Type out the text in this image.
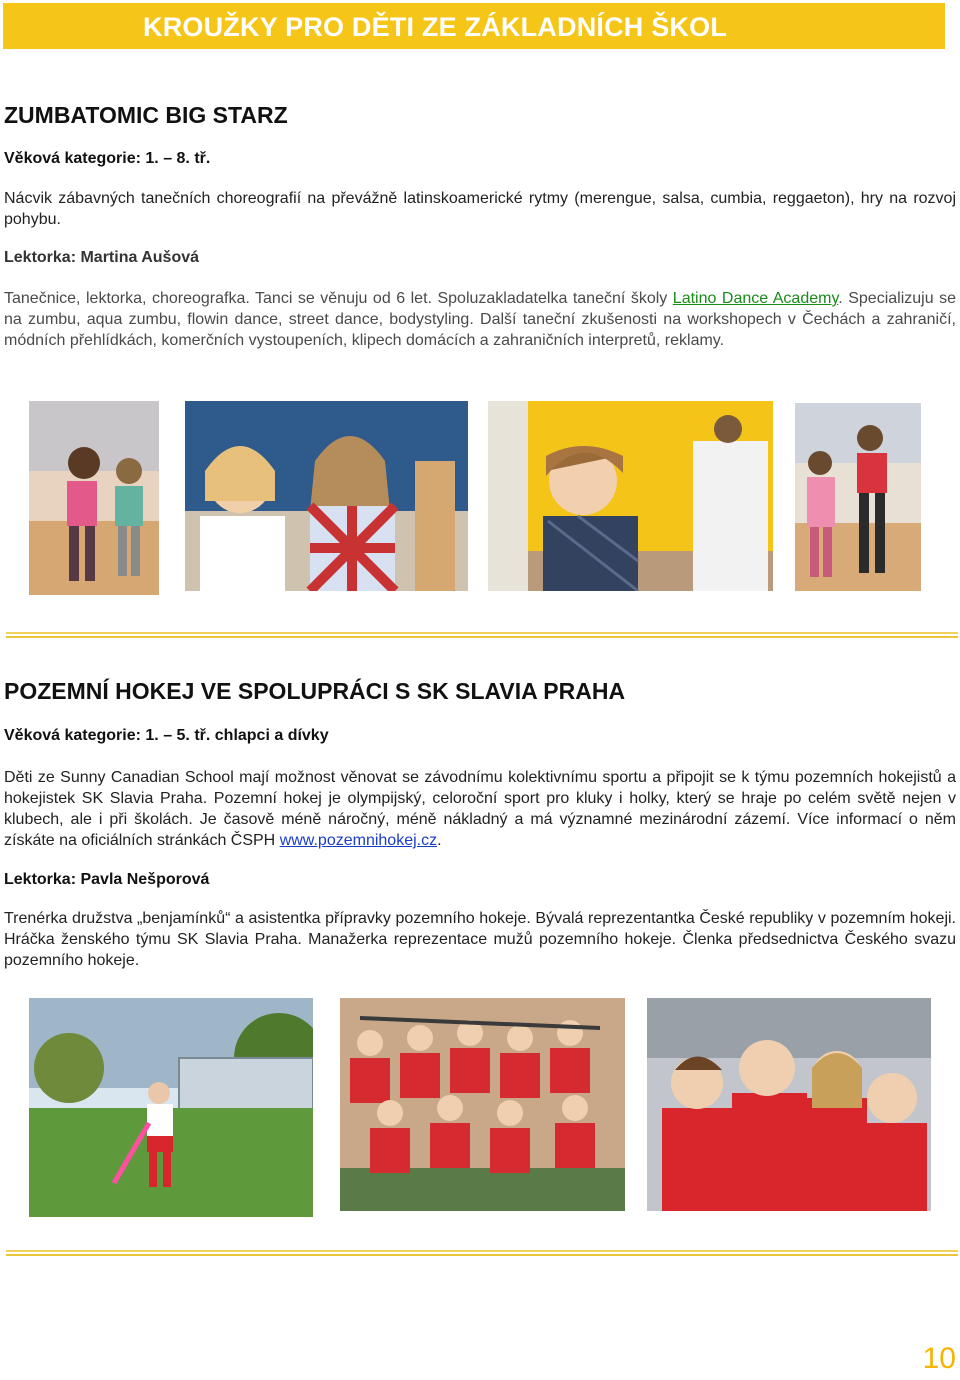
KROUŽKY PRO DĚTI ZE ZÁKLADNÍCH ŠKOL
ZUMBATOMIC BIG STARZ
Věková kategorie: 1. – 8. tř.

Nácvik zábavných tanečních choreografií na převážně latinskoamerické rytmy (merengue, salsa, cumbia, reggaeton), hry na rozvoj pohybu.

Lektorka: Martina Aušová

Tanečnice, lektorka, choreografka. Tanci se věnuju od 6 let. Spoluzakladatelka taneční školy Latino Dance Academy. Specializuju se na zumbu, aqua zumbu, flowin dance, street dance, bodystyling. Další taneční zkušenosti na workshopech v Čechách a zahraničí, módních přehlídkách, komerčních vystoupeních, klipech domácích a zahraničních interpretů, reklamy.

POZEMNÍ HOKEJ VE SPOLUPRÁCI S SK SLAVIA PRAHA
Věková kategorie: 1. – 5. tř. chlapci a dívky

Děti ze Sunny Canadian School mají možnost věnovat se závodnímu kolektivnímu sportu a připojit se k týmu pozemních hokejistů a hokejistek SK Slavia Praha. Pozemní hokej je olympijský, celoroční sport pro kluky i holky, který se hraje po celém světě nejen v klubech, ale i při školách. Je časově méně náročný, méně nákladný a má významné mezinárodní zázemí. Více informací o něm získáte na oficiálních stránkách ČSPH www.pozemnihokej.cz.

Lektorka: Pavla Nešporová

Trenérka družstva „benjamínků“ a asistentka přípravky pozemního hokeje. Bývalá reprezentantka České republiky v pozemním hokeji. Hráčka ženského týmu SK Slavia Praha. Manažerka reprezentace mužů pozemního hokeje. Členka předsednictva Českého svazu pozemního hokeje.

10
